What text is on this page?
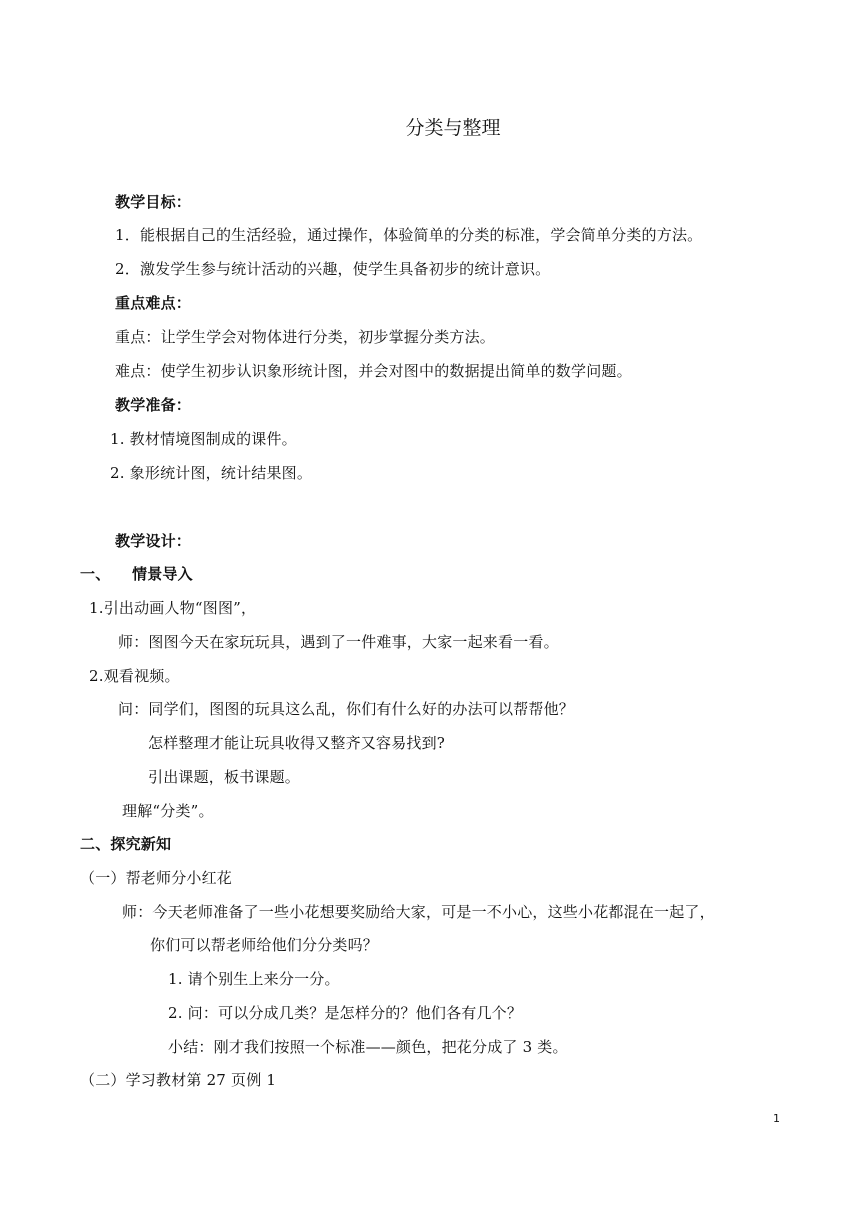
分类与整理
教学目标：
1．能根据自己的生活经验，通过操作，体验简单的分类的标准，学会简单分类的方法。
2．激发学生参与统计活动的兴趣，使学生具备初步的统计意识。
重点难点：
重点：让学生学会对物体进行分类，初步掌握分类方法。
难点：使学生初步认识象形统计图，并会对图中的数据提出简单的数学问题。
教学准备：
1. 教材情境图制成的课件。
2. 象形统计图，统计结果图。
教学设计：
一、 情景导入
1.引出动画人物“图图”，
师：图图今天在家玩玩具，遇到了一件难事，大家一起来看一看。
2.观看视频。
问：同学们，图图的玩具这么乱，你们有什么好的办法可以帮帮他？
怎样整理才能让玩具收得又整齐又容易找到?
引出课题，板书课题。
理解“分类”。
二、探究新知
（一）帮老师分小红花
师：今天老师准备了一些小花想要奖励给大家，可是一不小心，这些小花都混在一起了，
你们可以帮老师给他们分分类吗？
1. 请个别生上来分一分。
2. 问：可以分成几类？是怎样分的？他们各有几个？
小结：刚才我们按照一个标准——颜色，把花分成了 3 类。
（二）学习教材第 27 页例 1
1
